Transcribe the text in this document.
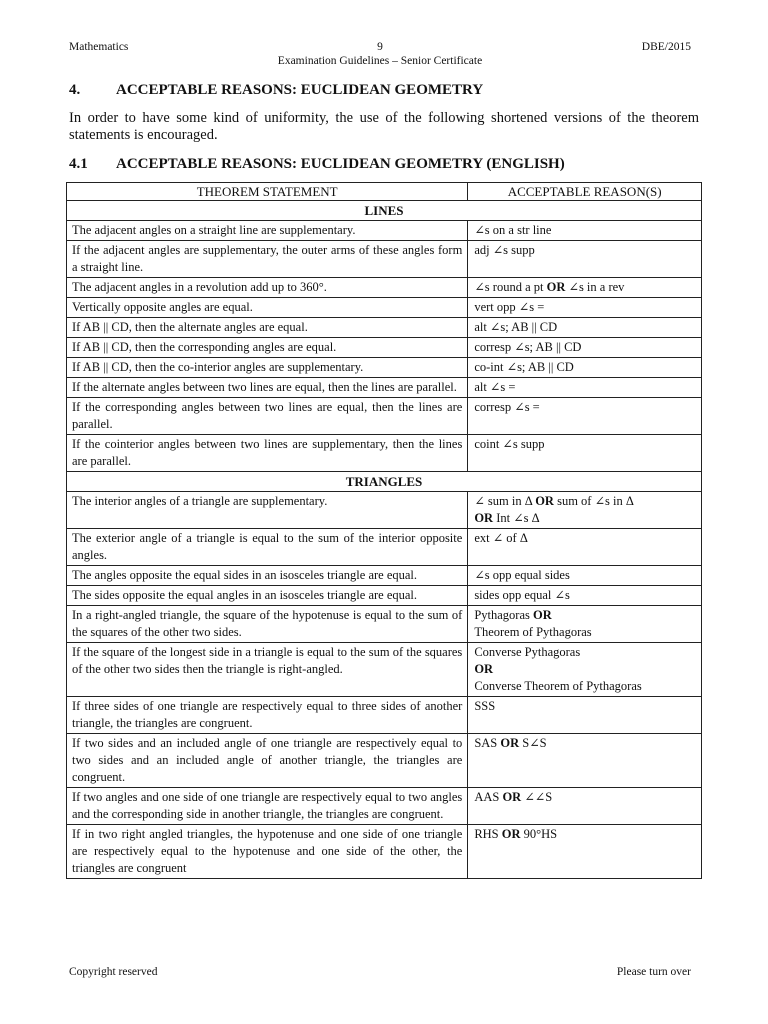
Mathematics	9
Examination Guidelines – Senior Certificate
DBE/2015
4. ACCEPTABLE REASONS: EUCLIDEAN GEOMETRY
In order to have some kind of uniformity, the use of the following shortened versions of the theorem statements is encouraged.
4.1 ACCEPTABLE REASONS: EUCLIDEAN GEOMETRY (ENGLISH)
THEOREM STATEMENT	ACCEPTABLE REASON(S)
LINES	
The adjacent angles on a straight line are supplementary.	∠s on a str line

If the adjacent angles are supplementary, the outer arms of these angles form a straight line.	adj ∠s supp

The adjacent angles in a revolution add up to 360°.	∠s round a pt OR ∠s in a rev

Vertically opposite angles are equal.	vert opp ∠s =

If AB || CD, then the alternate angles are equal.	alt ∠s; AB || CD

If AB || CD, then the corresponding angles are equal.	corresp ∠s; AB || CD

If AB || CD, then the co-interior angles are supplementary.	co-int ∠s; AB || CD

If the alternate angles between two lines are equal, then the lines are parallel.	alt ∠s =

If the corresponding angles between two lines are equal, then the lines are parallel.	corresp ∠s =

If the cointerior angles between two lines are supplementary, then the lines are parallel.	coint ∠s supp

TRIANGLES	
The interior angles of a triangle are supplementary.	∠ sum in Δ OR sum of ∠s in Δ
OR Int ∠s Δ

The exterior angle of a triangle is equal to the sum of the interior opposite angles.	ext ∠ of Δ

The angles opposite the equal sides in an isosceles triangle are equal.	∠s opp equal sides

The sides opposite the equal angles in an isosceles triangle are equal.	sides opp equal ∠s

In a right-angled triangle, the square of the hypotenuse is equal to the sum of the squares of the other two sides.	Pythagoras OR
Theorem of Pythagoras

If the square of the longest side in a triangle is equal to the sum of the squares of the other two sides then the triangle is right-angled.	Converse Pythagoras
OR
Converse Theorem of Pythagoras

If three sides of one triangle are respectively equal to three sides of another triangle, the triangles are congruent.	SSS

If two sides and an included angle of one triangle are respectively equal to two sides and an included angle of another triangle, the triangles are congruent.	SAS OR S∠S

If two angles and one side of one triangle are respectively equal to two angles and the corresponding side in another triangle, the triangles are congruent.	AAS OR ∠∠S

If in two right angled triangles, the hypotenuse and one side of one triangle are respectively equal to the hypotenuse and one side of the other, the triangles are congruent	RHS OR 90°HS
Copyright reserved	Please turn over
